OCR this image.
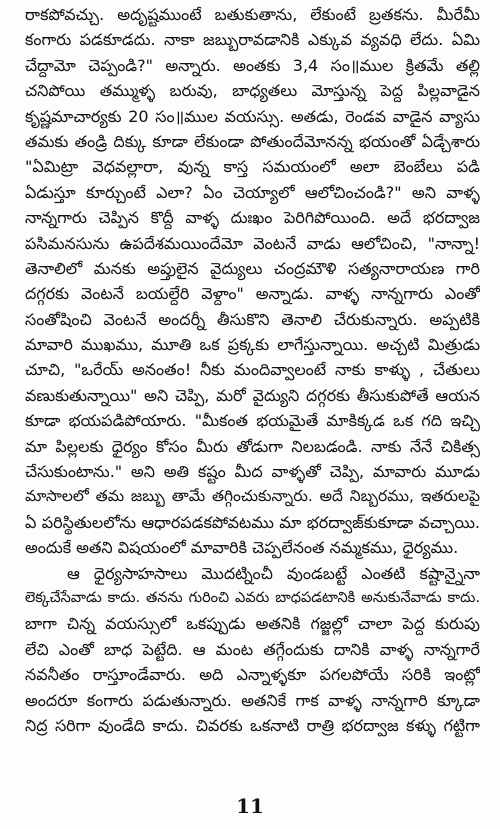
రాకపోవచ్చు. అదృష్టముంటే బతుకుతాను, లేకుంటే బ్రతకను. మీరేమీ
కంగారు పడకూడదు. నాకా జబ్బురావడానికి ఎక్కువ వ్యవధి లేదు. ఏమి
చేద్దామో చెప్పండి?" అన్నారు. అంతకు 3,4 సం॥ముల క్రితమే తల్లి
చనిపోయి తమ్ముళ్ళ బరువు, బాధ్యతలు మోస్తున్న పెద్ద పిల్లవాడైన
కృష్ణమాచార్యకు 20 సం॥ముల వయస్సు. అతడు, రెండవ వాడైన వ్యాసు
తమకు తండ్రి దిక్కు కూడా లేకుండా పోతుందేమోనన్న భయంతో ఏడ్చేశారు
"ఏమిట్రా వెధవల్లారా, వున్న కాస్త సమయంలో అలా బెంబేలు పడి
ఏడుస్తూ కూర్చుంటే ఎలా? ఏం చెయ్యాలో ఆలోచించండి?" అని వాళ్ళ
నాన్నగారు చెప్పిన కొద్దీ వాళ్ళ దుఃఖం పెరిగిపోయింది. అదే భరద్వాజ
పసిమనసును ఉపదేశమయిందేమో వెంటనే వాడు ఆలోచించి, "నాన్నా!
తెనాలిలో మనకు అప్తులైన వైద్యులు చంద్రమౌళి సత్యనారాయణ గారి
దగ్గరకు వెంటనే బయల్దేరి వెళ్దాం" అన్నాడు. వాళ్ళ నాన్నగారు ఎంతో
సంతోషించి వెంటనే అందర్నీ తీసుకొని తెనాలి చేరుకున్నారు. అప్పటికి
మావారి ముఖము, మూతి ఒక ప్రక్కకు లాగేస్తున్నాయి. అచ్చటి మిత్రుడు
చూచి, "ఒరేయ్ అనంతం! నీకు మందివ్వాలంటే నాకు కాళ్ళు , చేతులు
వణుకుతున్నాయి" అని చెప్పి, మరో వైద్యుని దగ్గరకు తీసుకుపోతే ఆయన
కూడా భయపడిపోయారు. "మీకంత భయమైతే మాకిక్కడ ఒక గది ఇచ్చి
మా పిల్లలకు ధైర్యం కోసం మీరు తోడుగా నిలబడండి. నాకు నేనే చికిత్స
చేసుకుంటాను." అని అతి కష్టం మీద వాళ్ళతో చెప్పి, మావారు మూడు
మాసాలలో తమ జబ్బు తామే తగ్గించుకున్నారు. అదే నిబ్బరము, ఇతరులపై
ఏ పరిస్థితులలోను ఆధారపడకపోవటము మా భరద్వాజ్‌కుకూడా వచ్చాయి.
అందుకే అతని విషయంలో మావారికి చెప్పలేనంత నమ్మకము, ధైర్యము.
ఆ ధైర్యసాహసాలు మొదట్నించీ వుండబట్టే ఎంతటి కష్టాన్నైనా
లెక్కచేసేవాడు కాదు. తనను గురించి ఎవరు బాధపడటానికి అనుకునేవాడు కాదు.
బాగా చిన్న వయస్సులో ఒకప్పుడు అతనికి గజ్జల్లో చాలా పెద్ద కురుపు
లేచి ఎంతో బాధ పెట్టేది. ఆ మంట తగ్గేందుకు దానికి వాళ్ళ నాన్నగారే
నవనీతం రాస్తూండేవారు. అది ఎన్నాళ్ళకూ పగలపోయే సరికి ఇంట్లో
అందరూ కంగారు పడుతున్నారు. అతనికే గాక వాళ్ళ నాన్నగారి క్కూడా
నిద్ర సరిగా వుండేది కాదు. చివరకు ఒకనాటి రాత్రి భరద్వాజ కళ్ళు గట్టిగా
11
